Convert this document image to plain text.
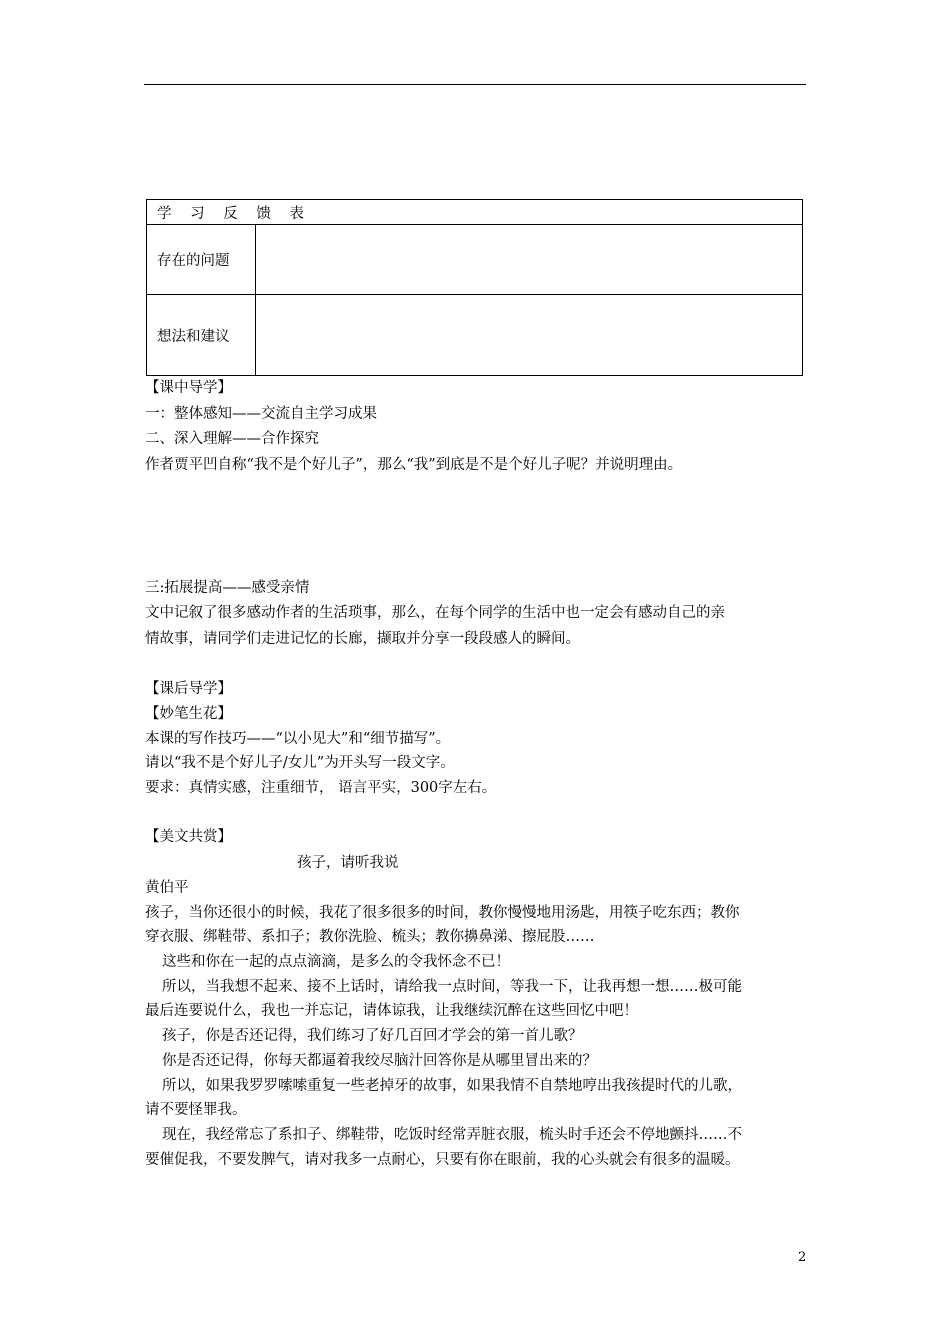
学 习 反 馈 表	
存在的问题	
想法和建议	
【课中导学】
一：整体感知——交流自主学习成果
二、深入理解——合作探究
作者贾平凹自称“我不是个好儿子”，那么“我”到底是不是个好儿子呢？并说明理由。
三:拓展提高——感受亲情
文中记叙了很多感动作者的生活琐事，那么，在每个同学的生活中也一定会有感动自己的亲
情故事，请同学们走进记忆的长廊，撷取并分享一段段感人的瞬间。
【课后导学】
【妙笔生花】
本课的写作技巧——“以小见大”和“细节描写”。
请以“我不是个好儿子/女儿”为开头写一段文字。
要求：真情实感，注重细节， 语言平实，300字左右。
【美文共赏】
孩子，请听我说
黄伯平
孩子，当你还很小的时候，我花了很多很多的时间，教你慢慢地用汤匙，用筷子吃东西；教你
穿衣服、绑鞋带、系扣子；教你洗脸、梳头；教你擤鼻涕、擦屁股……
这些和你在一起的点点滴滴，是多么的令我怀念不已！
所以，当我想不起来、接不上话时，请给我一点时间，等我一下，让我再想一想……极可能
最后连要说什么，我也一并忘记，请体谅我，让我继续沉醉在这些回忆中吧！
孩子，你是否还记得，我们练习了好几百回才学会的第一首儿歌？
你是否还记得，你每天都逼着我绞尽脑汁回答你是从哪里冒出来的？
所以，如果我罗罗嗦嗦重复一些老掉牙的故事，如果我情不自禁地哼出我孩提时代的儿歌，
请不要怪罪我。
现在，我经常忘了系扣子、绑鞋带，吃饭时经常弄脏衣服，梳头时手还会不停地颤抖……不
要催促我，不要发脾气，请对我多一点耐心，只要有你在眼前，我的心头就会有很多的温暖。
2
